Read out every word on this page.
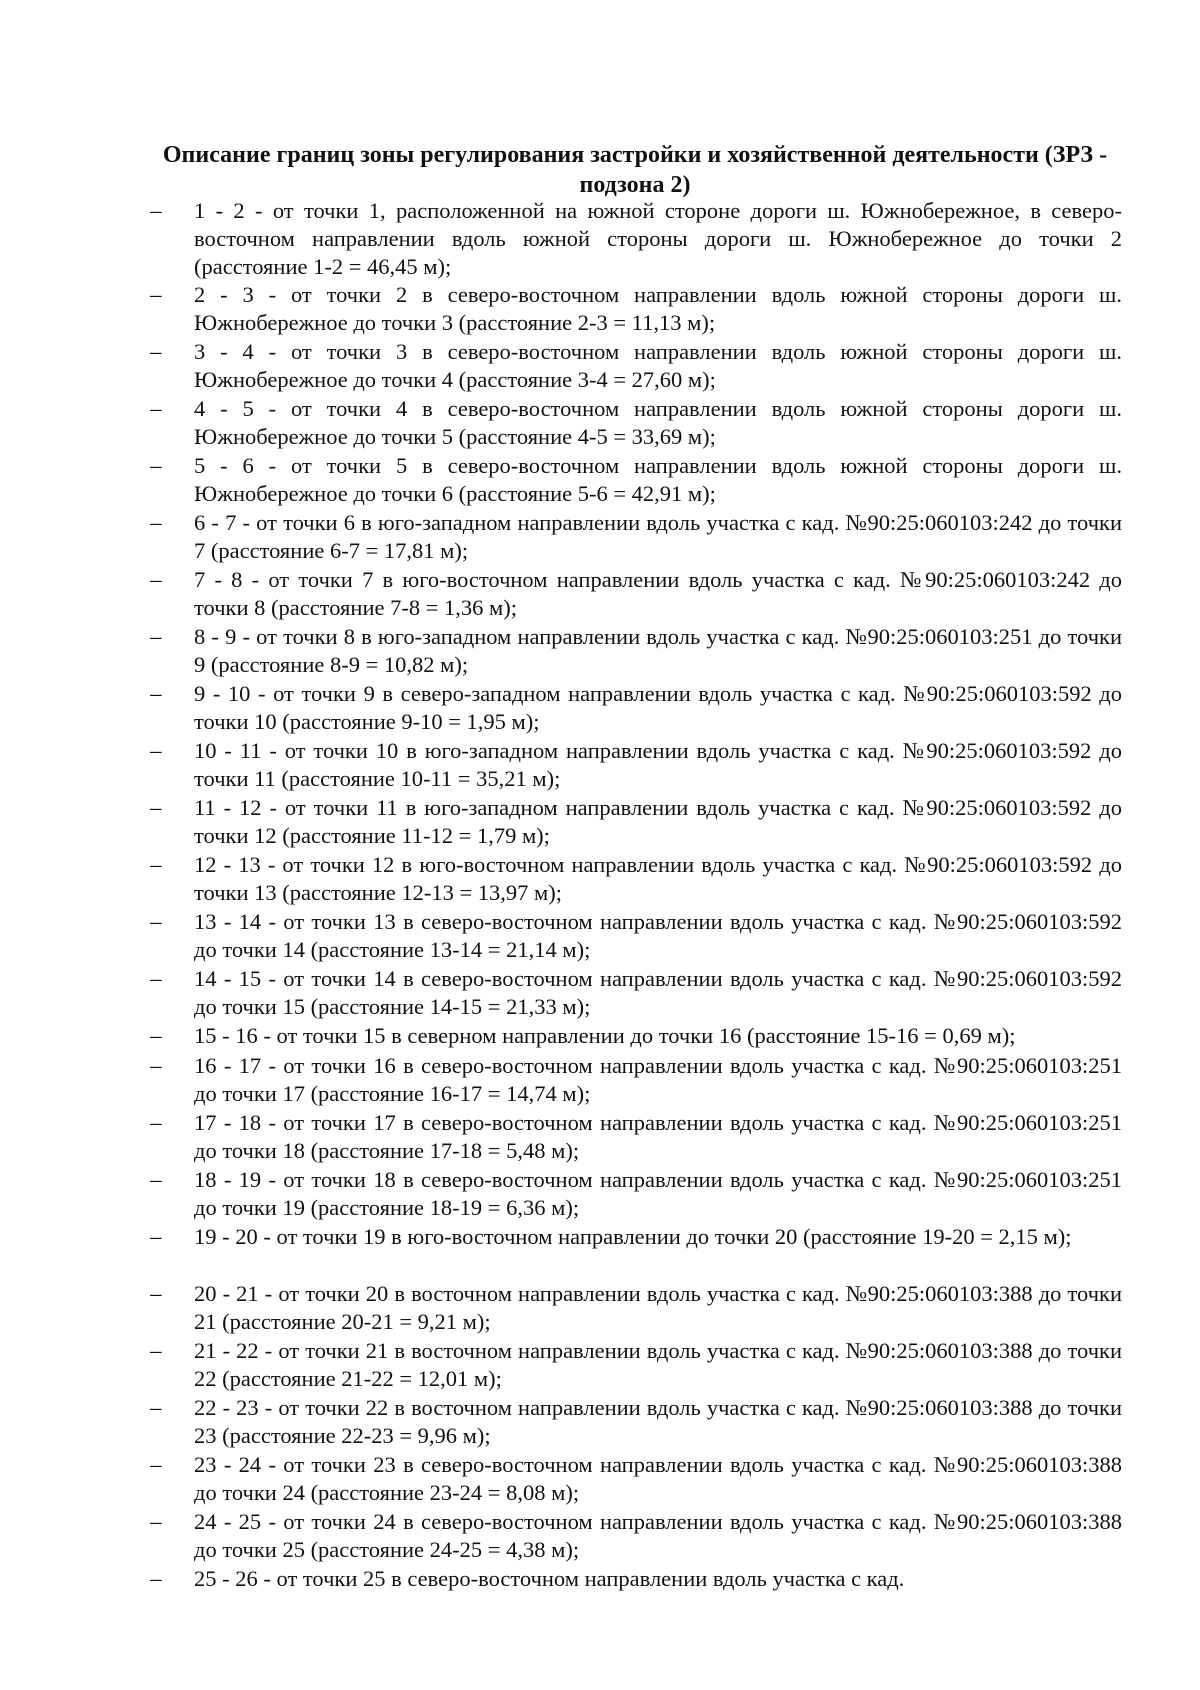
Описание границ зоны регулирования застройки и хозяйственной деятельности (ЗРЗ - подзона 2)
–	1 - 2 - от точки 1, расположенной на южной стороне дороги ш. Южнобережное, в северо-восточном направлении вдоль южной стороны дороги ш. Южнобережное до точки 2 (расстояние 1-2 = 46,45 м);
–	2 - 3 - от точки 2 в северо-восточном направлении вдоль южной стороны дороги ш. Южнобережное до точки 3 (расстояние 2-3 = 11,13 м);
–	3 - 4 - от точки 3 в северо-восточном направлении вдоль южной стороны дороги ш. Южнобережное до точки 4 (расстояние 3-4 = 27,60 м);
–	4 - 5 - от точки 4 в северо-восточном направлении вдоль южной стороны дороги ш. Южнобережное до точки 5 (расстояние 4-5 = 33,69 м);
–	5 - 6 - от точки 5 в северо-восточном направлении вдоль южной стороны дороги ш. Южнобережное до точки 6 (расстояние 5-6 = 42,91 м);
–	6 - 7 - от точки 6 в юго-западном направлении вдоль участка с кад. №90:25:060103:242 до точки 7 (расстояние 6-7 = 17,81 м);
–	7 - 8 - от точки 7 в юго-восточном направлении вдоль участка с кад. №90:25:060103:242 до точки 8 (расстояние 7-8 = 1,36 м);
–	8 - 9 - от точки 8 в юго-западном направлении вдоль участка с кад. №90:25:060103:251 до точки 9 (расстояние 8-9 = 10,82 м);
–	9 - 10 - от точки 9 в северо-западном направлении вдоль участка с кад. №90:25:060103:592 до точки 10 (расстояние 9-10 = 1,95 м);
–	10 - 11 - от точки 10 в юго-западном направлении вдоль участка с кад. №90:25:060103:592 до точки 11 (расстояние 10-11 = 35,21 м);
–	11 - 12 - от точки 11 в юго-западном направлении вдоль участка с кад. №90:25:060103:592 до точки 12 (расстояние 11-12 = 1,79 м);
–	12 - 13 - от точки 12 в юго-восточном направлении вдоль участка с кад. №90:25:060103:592 до точки 13 (расстояние 12-13 = 13,97 м);
–	13 - 14 - от точки 13 в северо-восточном направлении вдоль участка с кад. №90:25:060103:592 до точки 14 (расстояние 13-14 = 21,14 м);
–	14 - 15 - от точки 14 в северо-восточном направлении вдоль участка с кад. №90:25:060103:592 до точки 15 (расстояние 14-15 = 21,33 м);
–	15 - 16 - от точки 15 в северном направлении до точки 16 (расстояние 15-16 = 0,69 м);
–	16 - 17 - от точки 16 в северо-восточном направлении вдоль участка с кад. №90:25:060103:251 до точки 17 (расстояние 16-17 = 14,74 м);
–	17 - 18 - от точки 17 в северо-восточном направлении вдоль участка с кад. №90:25:060103:251 до точки 18 (расстояние 17-18 = 5,48 м);
–	18 - 19 - от точки 18 в северо-восточном направлении вдоль участка с кад. №90:25:060103:251 до точки 19 (расстояние 18-19 = 6,36 м);
–	19 - 20 - от точки 19 в юго-восточном направлении до точки 20 (расстояние 19-20 = 2,15 м);
–	20 - 21 - от точки 20 в восточном направлении вдоль участка с кад. №90:25:060103:388 до точки 21 (расстояние 20-21 = 9,21 м);
–	21 - 22 - от точки 21 в восточном направлении вдоль участка с кад. №90:25:060103:388 до точки 22 (расстояние 21-22 = 12,01 м);
–	22 - 23 - от точки 22 в восточном направлении вдоль участка с кад. №90:25:060103:388 до точки 23 (расстояние 22-23 = 9,96 м);
–	23 - 24 - от точки 23 в северо-восточном направлении вдоль участка с кад. №90:25:060103:388 до точки 24 (расстояние 23-24 = 8,08 м);
–	24 - 25 - от точки 24 в северо-восточном направлении вдоль участка с кад. №90:25:060103:388 до точки 25 (расстояние 24-25 = 4,38 м);
–	25 - 26 - от точки 25 в северо-восточном направлении вдоль участка с кад.
